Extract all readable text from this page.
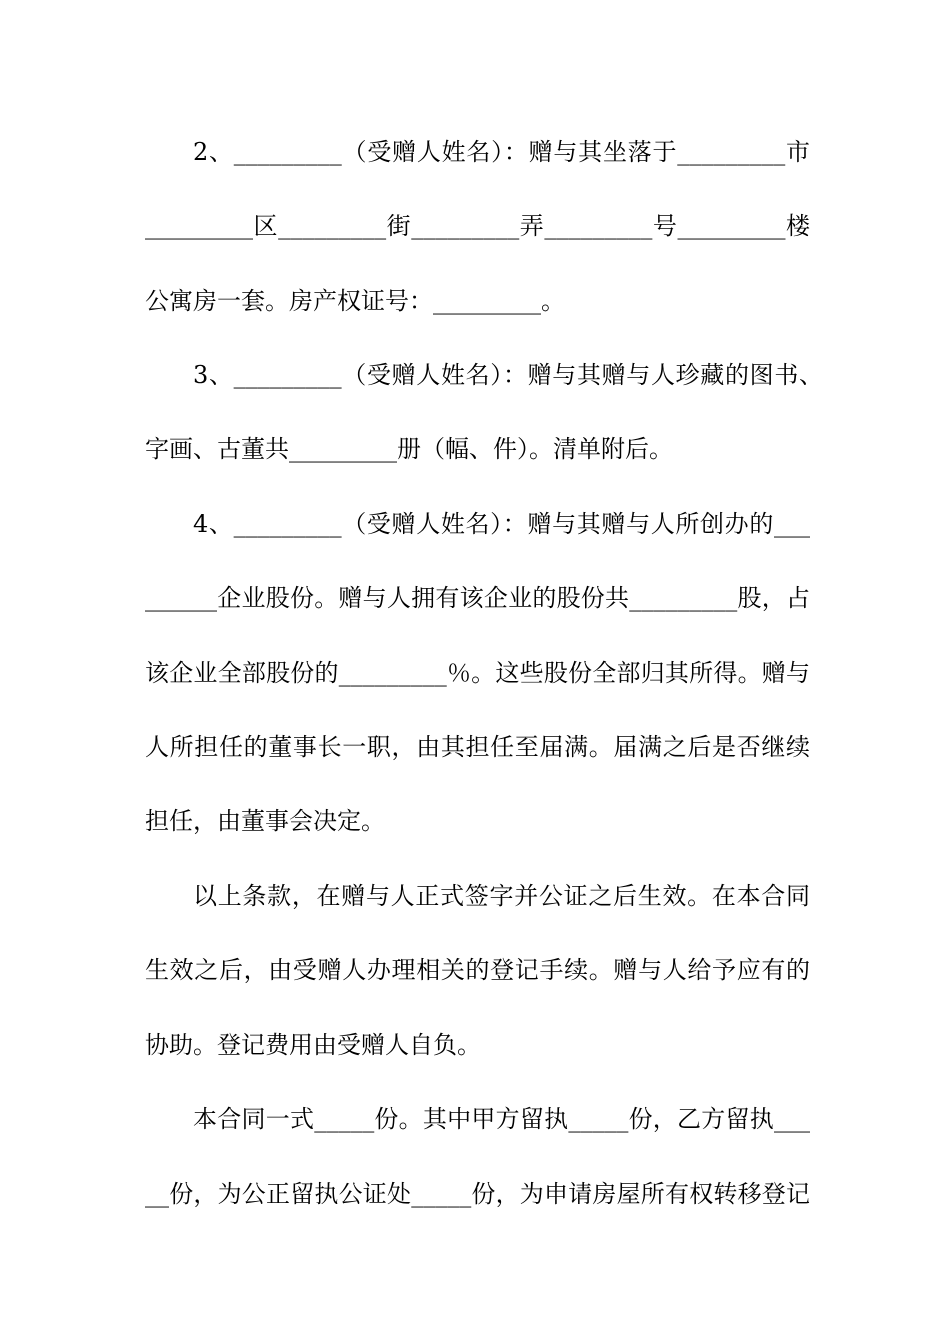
2、_________（受赠人姓名）：赠与其坐落于_________市
_________区_________街_________弄_________号_________楼
公寓房一套。房产权证号：_________。
3、_________（受赠人姓名）：赠与其赠与人珍藏的图书、
字画、古董共_________册（幅、件）。清单附后。
4、_________（受赠人姓名）：赠与其赠与人所创办的___
______企业股份。赠与人拥有该企业的股份共_________股，占
该企业全部股份的_________％。这些股份全部归其所得。赠与
人所担任的董事长一职，由其担任至届满。届满之后是否继续
担任，由董事会决定。
以上条款，在赠与人正式签字并公证之后生效。在本合同
生效之后，由受赠人办理相关的登记手续。赠与人给予应有的
协助。登记费用由受赠人自负。
本合同一式_____份。其中甲方留执_____份，乙方留执___
__份，为公正留执公证处_____份，为申请房屋所有权转移登记
